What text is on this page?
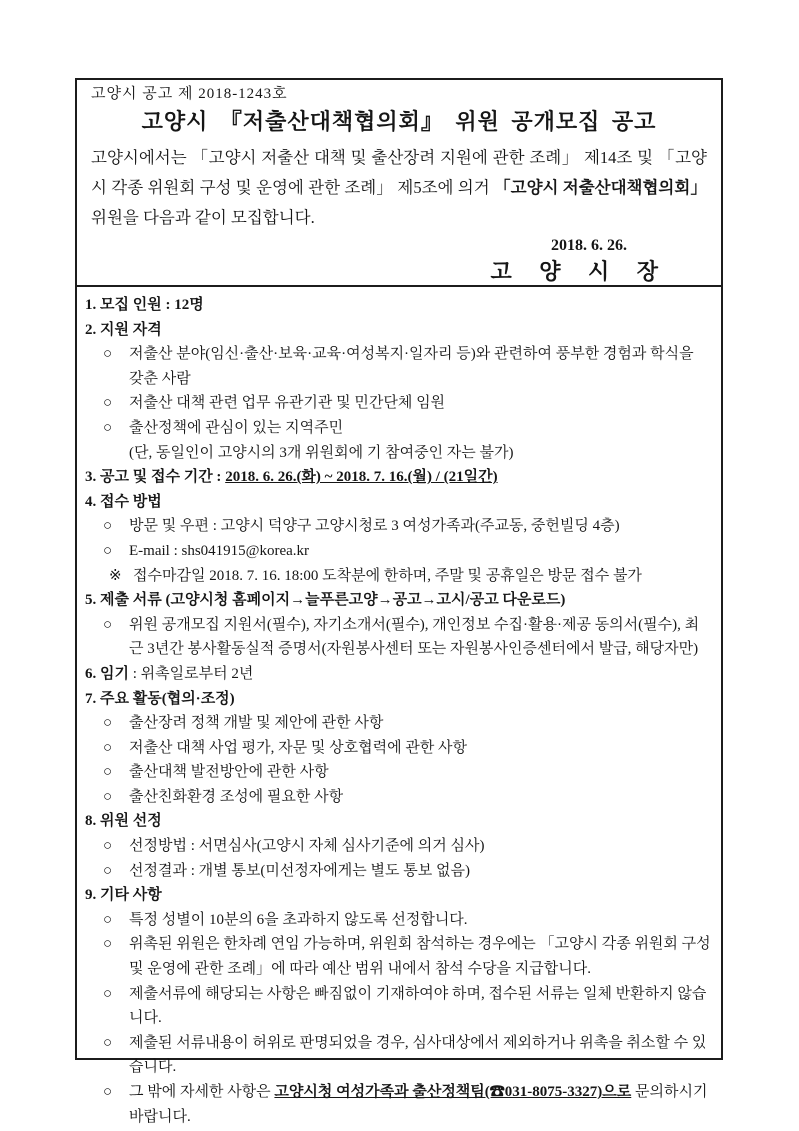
고양시 공고 제 2018-1243호
고양시 『저출산대책협의회』 위원 공개모집 공고
고양시에서는 「고양시 저출산 대책 및 출산장려 지원에 관한 조례」 제14조 및 「고양시 각종 위원회 구성 및 운영에 관한 조례」 제5조에 의거 「고양시 저출산대책협의회」 위원을 다음과 같이 모집합니다.
2018. 6. 26.
고 양 시 장
1. 모집 인원 : 12명
2. 지원 자격
○	저출산 분야(임신·출산·보육·교육·여성복지·일자리 등)와 관련하여 풍부한 경험과 학식을 갖춘 사람
○	저출산 대책 관련 업무 유관기관 및 민간단체 임원
○	출산정책에 관심이 있는 지역주민
(단, 동일인이 고양시의 3개 위원회에 기 참여중인 자는 불가)
3. 공고 및 접수 기간 : 2018. 6. 26.(화) ~ 2018. 7. 16.(월) / (21일간)
4. 접수 방법
○	방문 및 우편 : 고양시 덕양구 고양시청로 3 여성가족과(주교동, 중헌빌딩 4층)
○	E-mail : shs041915@korea.kr
※ 접수마감일 2018. 7. 16. 18:00 도착분에 한하며, 주말 및 공휴일은 방문 접수 불가
5. 제출 서류 (고양시청 홈페이지→늘푸른고양→공고→고시/공고 다운로드)
○	위원 공개모집 지원서(필수), 자기소개서(필수), 개인정보 수집·활용·제공 동의서(필수), 최근 3년간 봉사활동실적 증명서(자원봉사센터 또는 자원봉사인증센터에서 발급, 해당자만)
6. 임기 : 위촉일로부터 2년
7. 주요 활동(협의·조정)
○	출산장려 정책 개발 및 제안에 관한 사항
○	저출산 대책 사업 평가, 자문 및 상호협력에 관한 사항
○	출산대책 발전방안에 관한 사항
○	출산친화환경 조성에 필요한 사항
8. 위원 선정
○	선정방법 : 서면심사(고양시 자체 심사기준에 의거 심사)
○	선정결과 : 개별 통보(미선정자에게는 별도 통보 없음)
9. 기타 사항
○	특정 성별이 10분의 6을 초과하지 않도록 선정합니다.
○	위촉된 위원은 한차례 연임 가능하며, 위원회 참석하는 경우에는 「고양시 각종 위원회 구성 및 운영에 관한 조례」에 따라 예산 범위 내에서 참석 수당을 지급합니다.
○	제출서류에 해당되는 사항은 빠짐없이 기재하여야 하며, 접수된 서류는 일체 반환하지 않습니다.
○	제출된 서류내용이 허위로 판명되었을 경우, 심사대상에서 제외하거나 위촉을 취소할 수 있습니다.
○	그 밖에 자세한 사항은 고양시청 여성가족과 출산정책팀(☎031-8075-3327)으로 문의하시기 바랍니다.
